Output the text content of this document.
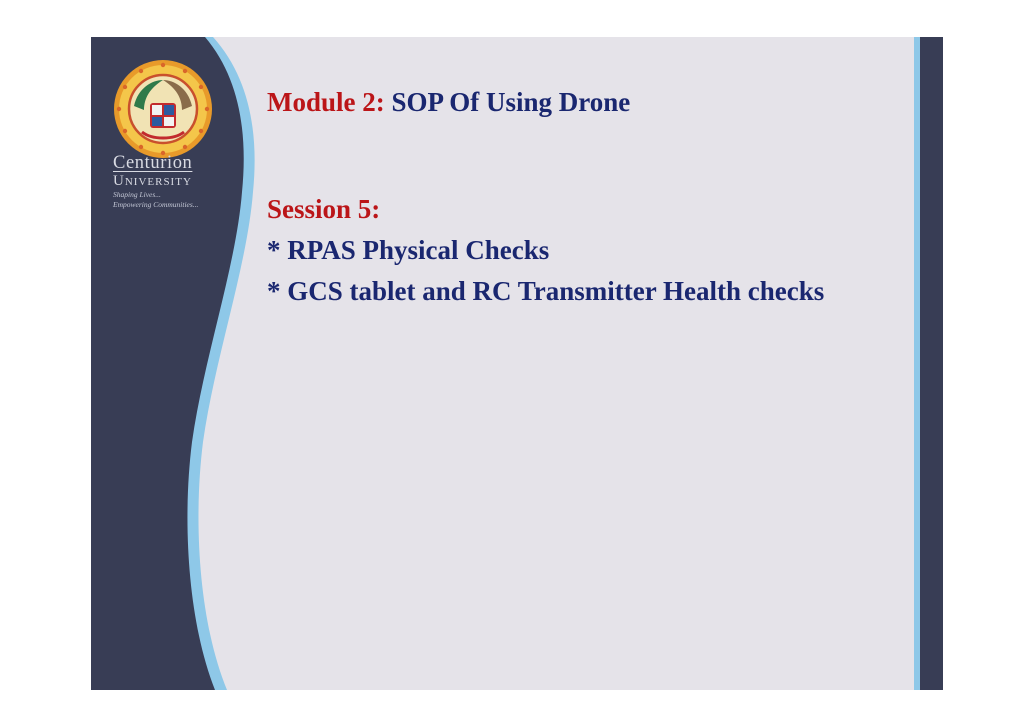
Centurion
University
Shaping Lives...
Empowering Communities...
Module 2: SOP Of Using Drone
Session 5:
* RPAS Physical Checks
* GCS tablet and RC Transmitter Health checks
